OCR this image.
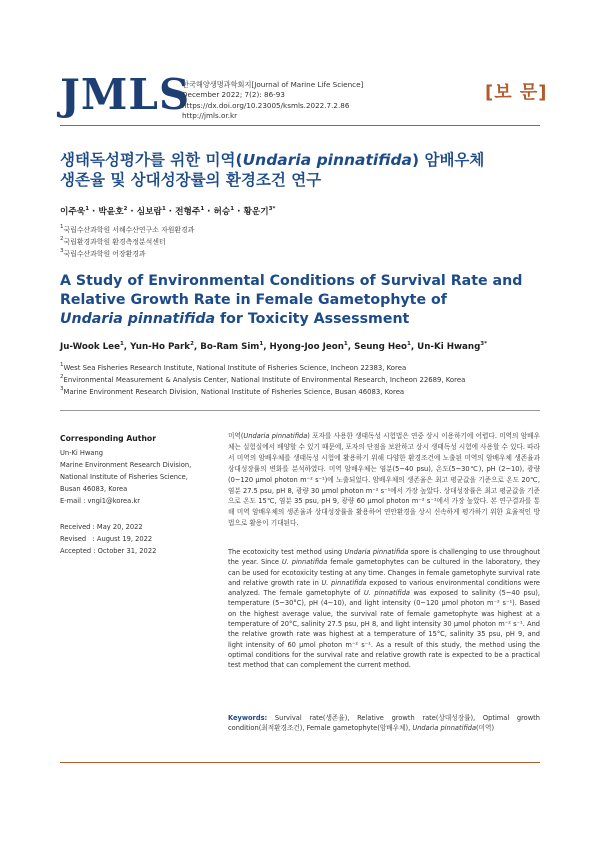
JMLS
한국해양생명과학회지[Journal of Marine Life Science]
December 2022; 7(2): 86-93
https://dx.doi.org/10.23005/ksmls.2022.7.2.86
http://jmls.or.kr
[보 문]
생태독성평가를 위한 미역(Undaria pinnatifida) 암배우체
생존율 및 상대성장률의 환경조건 연구
이주욱$^1$ · 박윤호$^2$ · 심보람$^1$ · 전형주$^1$ · 허승$^1$ · 황운기$^{3*}$
$^1$국립수산과학원 서해수산연구소 자원환경과
$^2$국립환경과학원 환경측정분석센터
$^3$국립수산과학원 어장환경과
A Study of Environmental Conditions of Survival Rate and
Relative Growth Rate in Female Gametophyte of
Undaria pinnatifida for Toxicity Assessment
Ju-Wook Lee$^1$, Yun-Ho Park$^2$, Bo-Ram Sim$^1$, Hyong-Joo Jeon$^1$, Seung Heo$^1$, Un-Ki Hwang$^{3*}$
$^1$West Sea Fisheries Research Institute, National Institute of Fisheries Science, Incheon 22383, Korea
$^2$Environmental Measurement & Analysis Center, National Institute of Environmental Research, Incheon 22689, Korea
$^3$Marine Environment Research Division, National Institute of Fisheries Science, Busan 46083, Korea
Corresponding Author
Un-Ki Hwang
Marine Environment Research Division,
National Institute of Fisheries Science,
Busan 46083, Korea
E-mail : vngi1@korea.kr
Received : May 20, 2022
Revised   : August 19, 2022
Accepted : October 31, 2022

미역(Undaria pinnatifida) 포자를 사용한 생태독성 시험법은 연중 상시 이용하기에 어렵다. 미역의 암배우체는 실험실에서 배양할 수 있기 때문에, 포자의 단점을 보완하고 상시 생태독성 시험에 사용할 수 있다. 따라서 미역의 암배우체를 생태독성 시험에 활용하기 위해 다양한 환경조건에 노출된 미역의 암배우체 생존율과 상대성장률의 변화를 분석하였다. 미역 암배우체는 염분(5~40 psu), 온도(5~30℃), pH (2~10), 광량(0~120 μmol photon m⁻² s⁻¹)에 노출되었다. 암배우체의 생존율은 최고 평균값을 기준으로 온도 20℃, 염분 27.5 psu, pH 8, 광량 30 μmol photon m⁻² s⁻¹에서 가장 높았다. 상대성장률은 최고 평균값을 기준으로 온도 15℃, 염분 35 psu, pH 9, 광량 60 μmol photon m⁻² s⁻¹에서 가장 높았다. 본 연구결과를 통해 미역 암배우체의 생존율과 상대성장률을 활용하여 연안환경을 상시 신속하게 평가하기 위한 효율적인 방법으로 활용이 기대된다.

The ecotoxicity test method using Undaria pinnatifida spore is challenging to use throughout the year. Since U. pinnatifida female gametophytes can be cultured in the laboratory, they can be used for ecotoxicity testing at any time. Changes in female gametophyte survival rate and relative growth rate in U. pinnatifida exposed to various environmental conditions were analyzed. The female gametophyte of U. pinnatifida was exposed to salinity (5~40 psu), temperature (5~30°C), pH (4~10), and light intensity (0~120 μmol photon m⁻² s⁻¹). Based on the highest average value, the survival rate of female gametophyte was highest at a temperature of 20°C, salinity 27.5 psu, pH 8, and light intensity 30 μmol photon m⁻² s⁻¹. And the relative growth rate was highest at a temperature of 15°C, salinity 35 psu, pH 9, and light intensity of 60 μmol photon m⁻² s⁻¹. As a result of this study, the method using the optimal conditions for the survival rate and relative growth rate is expected to be a practical test method that can complement the current method.

Keywords: Survival rate(생존율), Relative growth rate(상대성장률), Optimal growth condition(최적환경조건), Female gametophyte(암배우체), Undaria pinnatifida(미역)
